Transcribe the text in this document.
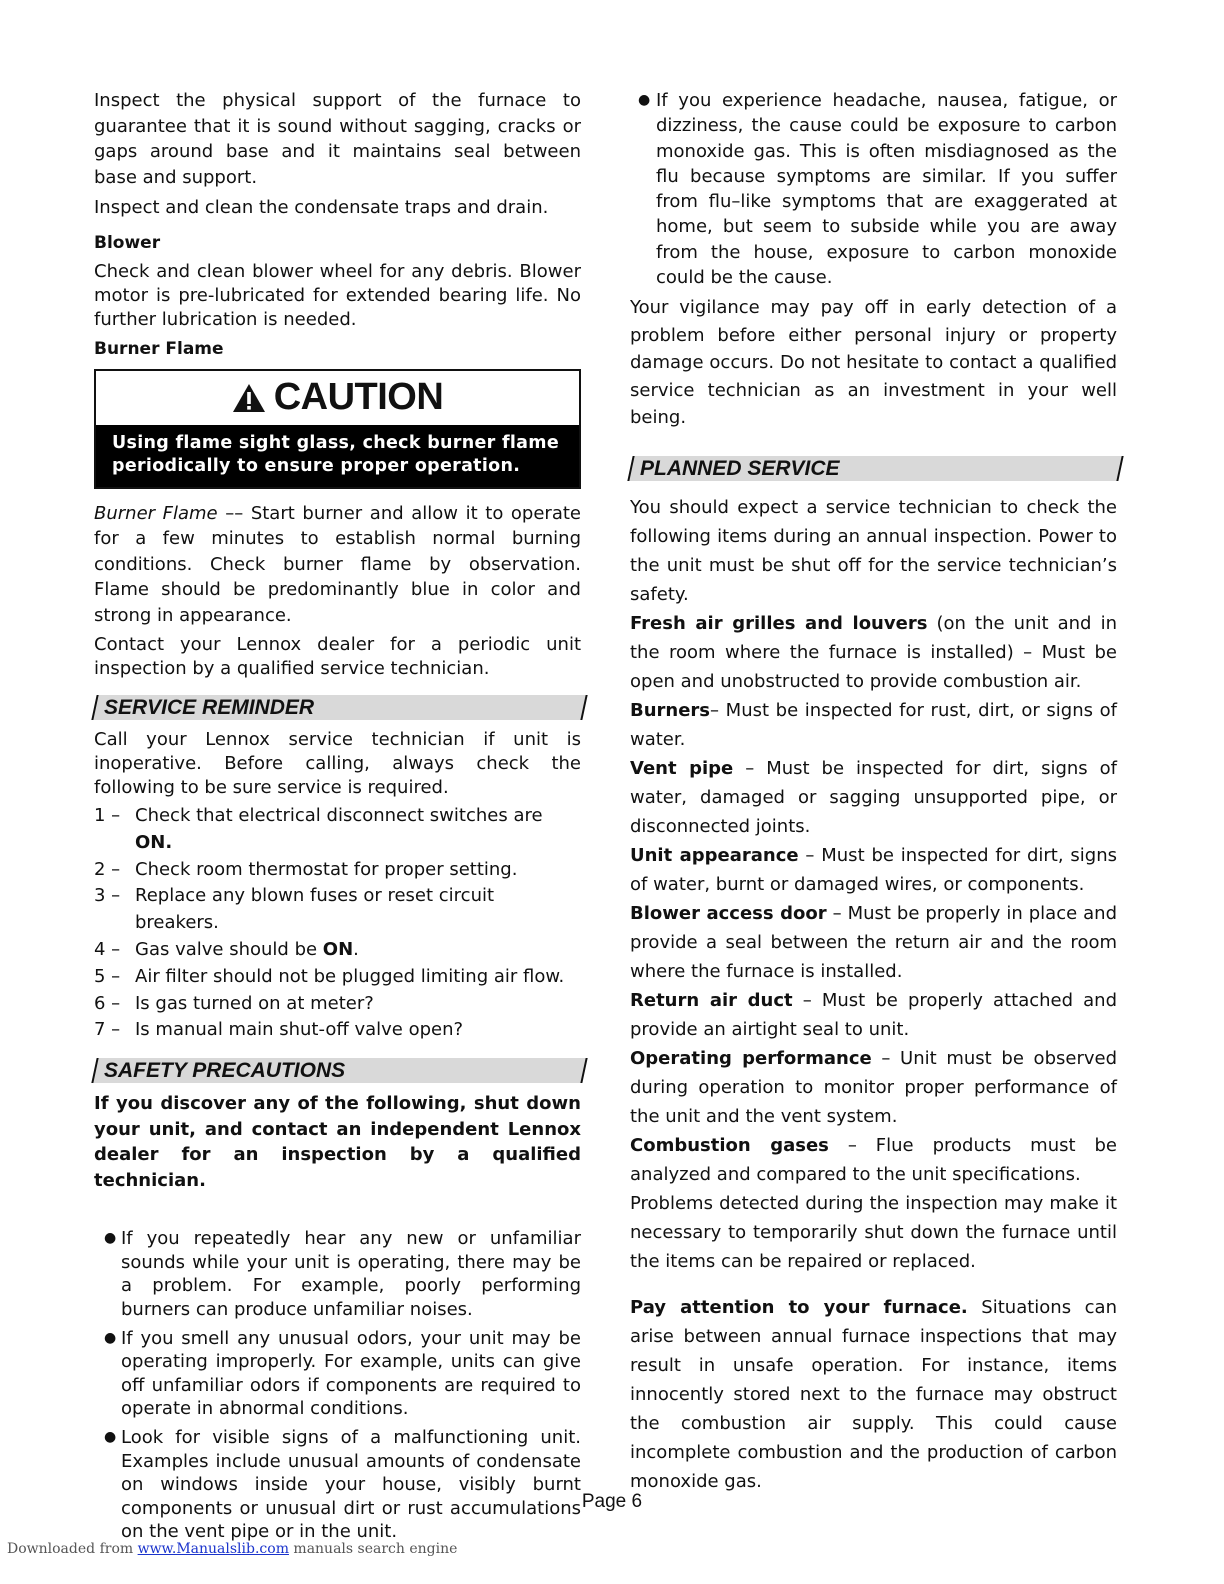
Inspect the physical support of the furnace to guarantee that it is sound without sagging, cracks or gaps around base and it maintains seal between base and support.

Inspect and clean the condensate traps and drain.

Blower

Check and clean blower wheel for any debris. Blower motor is pre-lubricated for extended bearing life. No further lubrication is needed.

Burner Flame

CAUTION
Using flame sight glass, check burner flame periodically to ensure proper operation.

Burner Flame –– Start burner and allow it to operate for a few minutes to establish normal burning conditions. Check burner flame by observation. Flame should be predominantly blue in color and strong in appearance.

Contact your Lennox dealer for a periodic unit inspection by a qualified service technician.

SERVICE REMINDER

Call your Lennox service technician if unit is inoperative. Before calling, always check the following to be sure service is required.

1 – Check that electrical disconnect switches are ON.
2 – Check room thermostat for proper setting.
3 – Replace any blown fuses or reset circuit breakers.
4 – Gas valve should be ON.
5 – Air filter should not be plugged limiting air flow.
6 – Is gas turned on at meter?
7 – Is manual main shut-off valve open?
SAFETY PRECAUTIONS

If you discover any of the following, shut down your unit, and contact an independent Lennox dealer for an inspection by a qualified technician.

● If you repeatedly hear any new or unfamiliar sounds while your unit is operating, there may be a problem. For example, poorly performing burners can produce unfamiliar noises.
● If you smell any unusual odors, your unit may be operating improperly. For example, units can give off unfamiliar odors if components are required to operate in abnormal conditions.
● Look for visible signs of a malfunctioning unit. Examples include unusual amounts of condensate on windows inside your house, visibly burnt components or unusual dirt or rust accumulations on the vent pipe or in the unit.
● If you experience headache, nausea, fatigue, or dizziness, the cause could be exposure to carbon monoxide gas. This is often misdiagnosed as the flu because symptoms are similar. If you suffer from flu–like symptoms that are exaggerated at home, but seem to subside while you are away from the house, exposure to carbon monoxide could be the cause.

Your vigilance may pay off in early detection of a problem before either personal injury or property damage occurs. Do not hesitate to contact a qualified service technician as an investment in your well being.

PLANNED SERVICE

You should expect a service technician to check the following items during an annual inspection. Power to the unit must be shut off for the service technician’s safety.

Fresh air grilles and louvers (on the unit and in the room where the furnace is installed) – Must be open and unobstructed to provide combustion air.

Burners– Must be inspected for rust, dirt, or signs of water.

Vent pipe – Must be inspected for dirt, signs of water, damaged or sagging unsupported pipe, or disconnected joints.

Unit appearance – Must be inspected for dirt, signs of water, burnt or damaged wires, or components.

Blower access door – Must be properly in place and provide a seal between the return air and the room where the furnace is installed.

Return air duct – Must be properly attached and provide an airtight seal to unit.

Operating performance – Unit must be observed during operation to monitor proper performance of the unit and the vent system.

Combustion gases – Flue products must be analyzed and compared to the unit specifications.

Problems detected during the inspection may make it necessary to temporarily shut down the furnace until the items can be repaired or replaced.

Pay attention to your furnace. Situations can arise between annual furnace inspections that may result in unsafe operation. For instance, items innocently stored next to the furnace may obstruct the combustion air supply. This could cause incomplete combustion and the production of carbon monoxide gas.

Page 6
Downloaded from www.Manualslib.com manuals search engine
